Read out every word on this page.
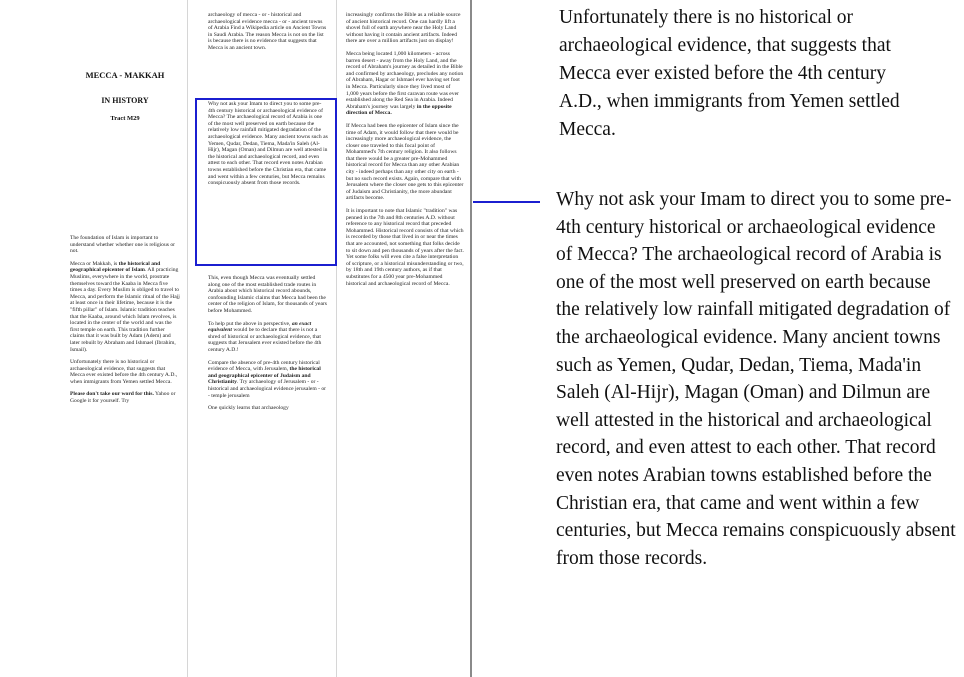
MECCA - MAKKAH
IN HISTORY
Tract M29

The foundation of Islam is important to understand whether whether one is religious or not.

Mecca or Makkah, is the historical and geographical epicenter of Islam. All practicing Muslims, everywhere in the world, prostrate themselves toward the Kaaba in Mecca five times a day. Every Muslim is obliged to travel to Mecca, and perform the Islamic ritual of the Hajj at least once in their lifetime, because it is the "fifth pillar" of Islam. Islamic tradition teaches that the Kaaba, around which Islam revolves, is located in the center of the world and was the first temple on earth. This tradition further claims that it was built by Adam (Adem) and later rebuilt by Abraham and Ishmael (Ibrahim, Ismail).

Unfortunately there is no historical or archaeological evidence, that suggests that Mecca ever existed before the 4th century A.D., when immigrants from Yemen settled Mecca.

Please don't take our word for this. Yahoo or Google it for yourself. Try

archaeology of mecca - or - historical and archaeological evidence mecca - or - ancient towns of Arabia Find a Wikipedia article on Ancient Towns in Saudi Arabia. The reason Mecca is not on the list is because there is no evidence that suggests that Mecca is an ancient town.

This, even though Mecca was eventually settled along one of the most established trade routes in Arabia about which historical record abounds, confounding Islamic claims that Mecca had been the center of the religion of Islam, for thousands of years before Mohammed.

To help put the above in perspective, an exact equivalent would be to declare that there is not a shred of historical or archaeological evidence, that suggests that Jerusalem ever existed before the 4th century A.D.!

Compare the absence of pre-4th century historical evidence of Mecca, with Jerusalem, the historical and geographical epicenter of Judaism and Christianity. Try archaeology of Jerusalem - or - historical and archaeological evidence jerusalem - or - temple jerusalem

One quickly learns that archaeology

increasingly confirms the Bible as a reliable source of ancient historical record. One can hardly lift a shovel full of earth anywhere near the Holy Land without having it contain ancient artifacts. Indeed there are over a million artifacts just on display!

Mecca being located 1,000 kilometers - across barren desert - away from the Holy Land, and the record of Abraham's journey as detailed in the Bible and confirmed by archaeology, precludes any notion of Abraham, Hagar or Ishmael ever having set foot in Mecca. Particularly since they lived most of 1,000 years before the first caravan route was ever established along the Red Sea in Arabia. Indeed Abraham's journey was largely in the opposite direction of Mecca.

If Mecca had been the epicenter of Islam since the time of Adam, it would follow that there would be increasingly more archaeological evidence, the closer one traveled to this focal point of Mohammed's 7th century religion. It also follows that there would be a greater pre-Mohammed historical record for Mecca than any other Arabian city - indeed perhaps than any other city on earth - but no such record exists. Again, compare that with Jerusalem where the closer one gets to this epicenter of Judaism and Christianity, the more abundant artifacts become.

It is important to note that Islamic "tradition" was penned in the 7th and 8th centuries A.D. without reference to any historical record that preceded Mohammed. Historical record consists of that which is recorded by those that lived in or near the times that are accounted, not something that folks decide to sit down and pen thousands of years after the fact. Yet some folks will even cite a false interpretation of scripture, or a historical misunderstanding or two, by 18th and 19th century authors, as if that substitutes for a 4500 year pre-Mohammed historical and archaeological record of Mecca.

Why not ask your Imam to direct you to some pre-4th century historical or archaeological evidence of Mecca? The archaeological record of Arabia is one of the most well preserved on earth because the relatively low rainfall mitigated degradation of the archaeological evidence. Many ancient towns such as Yemen, Qudar, Dedan, Tiema, Mada'in Saleh (Al-Hijr), Magan (Oman) and Dilmun are well attested in the historical and archaeological record, and even attest to each other. That record even notes Arabian towns established before the Christian era, that came and went within a few centuries, but Mecca remains conspicuously absent from those records.
Unfortunately there is no historical or archaeological evidence, that suggests that Mecca ever existed before the 4th century A.D., when immigrants from Yemen settled Mecca.
Why not ask your Imam to direct you to some pre-4th century historical or archaeological evidence of Mecca? The archaeological record of Arabia is one of the most well preserved on earth because the relatively low rainfall mitigated degradation of the archaeological evidence. Many ancient towns such as Yemen, Qudar, Dedan, Tiema, Mada'in Saleh (Al-Hijr), Magan (Oman) and Dilmun are well attested in the historical and archaeological record, and even attest to each other. That record even notes Arabian towns established before the Christian era, that came and went within a few centuries, but Mecca remains conspicuously absent from those records.
